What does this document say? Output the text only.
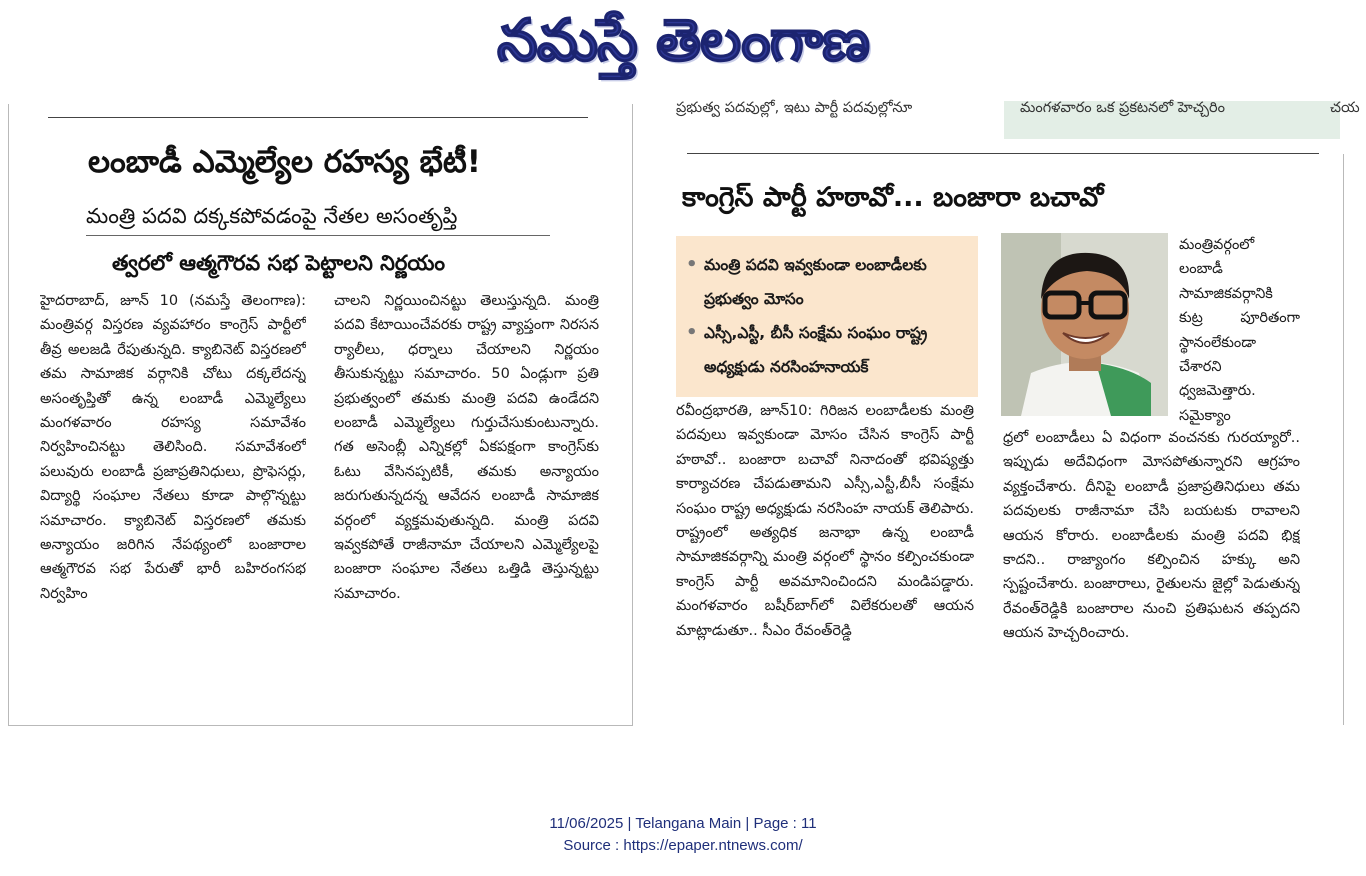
నమస్తే తెలంగాణ
ప్రభుత్వ పదవుల్లో, ఇటు పార్టీ పదవుల్లోనూ	మంగళవారం ఒక ప్రకటనలో హెచ్చరిం	చయ
లంబాడీ ఎమ్మెల్యేల రహస్య భేటీ!
మంత్రి పదవి దక్కకపోవడంపై నేతల అసంతృప్తి
త్వరలో ఆత్మగౌరవ సభ పెట్టాలని నిర్ణయం

హైదరాబాద్, జూన్ 10 (నమస్తే తెలంగాణ): మంత్రివర్గ విస్తరణ వ్యవహారం కాంగ్రెస్ పార్టీలో తీవ్ర అలజడి రేపుతున్నది. క్యాబినెట్ విస్తరణలో తమ సామాజిక వర్గానికి చోటు దక్కలేదన్న అసంతృప్తితో ఉన్న లంబాడీ ఎమ్మెల్యేలు మంగళవారం రహస్య సమావేశం నిర్వహించినట్టు తెలిసింది. సమావేశంలో పలువురు లంబాడీ ప్రజాప్రతినిధులు, ప్రొఫెసర్లు, విద్యార్థి సంఘాల నేతలు కూడా పాల్గొన్నట్టు సమాచారం. క్యాబినెట్ విస్తరణలో తమకు అన్యాయం జరిగిన నేపథ్యంలో బంజారాల ఆత్మగౌరవ సభ పేరుతో భారీ బహిరంగసభ నిర్వహిం

చాలని నిర్ణయించినట్టు తెలుస్తున్నది. మంత్రి పదవి కేటాయించేవరకు రాష్ట్ర వ్యాప్తంగా నిరసన ర్యాలీలు, ధర్నాలు చేయాలని నిర్ణయం తీసుకున్నట్టు సమాచారం. 50 ఏండ్లుగా ప్రతి ప్రభుత్వంలో తమకు మంత్రి పదవి ఉండేదని లంబాడీ ఎమ్మెల్యేలు గుర్తుచేసుకుంటున్నారు. గత అసెంబ్లీ ఎన్నికల్లో ఏకపక్షంగా కాంగ్రెస్‌కు ఓటు వేసినప్పటికీ, తమకు అన్యాయం జరుగుతున్నదన్న ఆవేదన లంబాడీ సామాజిక వర్గంలో వ్యక్తమవుతున్నది. మంత్రి పదవి ఇవ్వకపోతే రాజీనామా చేయాలని ఎమ్మెల్యేలపై బంజారా సంఘాల నేతలు ఒత్తిడి తెస్తున్నట్టు సమాచారం.

కాంగ్రెస్ పార్టీ హఠావో... బంజారా బచావో
• మంత్రి పదవి ఇవ్వకుండా లంబాడీలకు ప్రభుత్వం మోసం
• ఎస్సీ,ఎస్టీ, బీసీ సంక్షేమ సంఘం రాష్ట్ర అధ్యక్షుడు నరసింహనాయక్

రవీంద్రభారతి, జూన్10: గిరిజన లంబాడీలకు మంత్రి పదవులు ఇవ్వకుండా మోసం చేసిన కాంగ్రెస్ పార్టీ హఠావో.. బంజారా బచావో నినాదంతో భవిష్యత్తు కార్యాచరణ చేపడుతామని ఎస్సీ,ఎస్టీ,బీసీ సంక్షేమ సంఘం రాష్ట్ర అధ్యక్షుడు నరసింహ నాయక్ తెలిపారు. రాష్ట్రంలో అత్యధిక జనాభా ఉన్న లంబాడీ సామాజికవర్గాన్ని మంత్రి వర్గంలో స్థానం కల్పించకుండా కాంగ్రెస్ పార్టీ అవమానించిందని మండిపడ్డారు. మంగళవారం బషీర్‌బాగ్‌లో విలేకరులతో ఆయన మాట్లాడుతూ.. సీఎం రేవంత్‌రెడ్డి

మంత్రివర్గంలో లంబాడీ సామాజికవర్గానికి కుట్ర పూరితంగా స్థానంలేకుండా చేశారని ధ్వజమెత్తారు. సమైక్యాం

ధ్రలో లంబాడీలు ఏ విధంగా వంచనకు గురయ్యారో.. ఇప్పుడు అదేవిధంగా మోసపోతున్నారని ఆగ్రహం వ్యక్తంచేశారు. దీనిపై లంబాడీ ప్రజాప్రతినిధులు తమ పదవులకు రాజీనామా చేసి బయటకు రావాలని ఆయన కోరారు. లంబాడీలకు మంత్రి పదవి భిక్ష కాదని.. రాజ్యాంగం కల్పించిన హక్కు అని స్పష్టంచేశారు. బంజారాలు, రైతులను జైల్లో పెడుతున్న రేవంత్‌రెడ్డికి బంజారాల నుంచి ప్రతిఘటన తప్పదని ఆయన హెచ్చరించారు.

11/06/2025 | Telangana Main | Page : 11
Source : https://epaper.ntnews.com/
